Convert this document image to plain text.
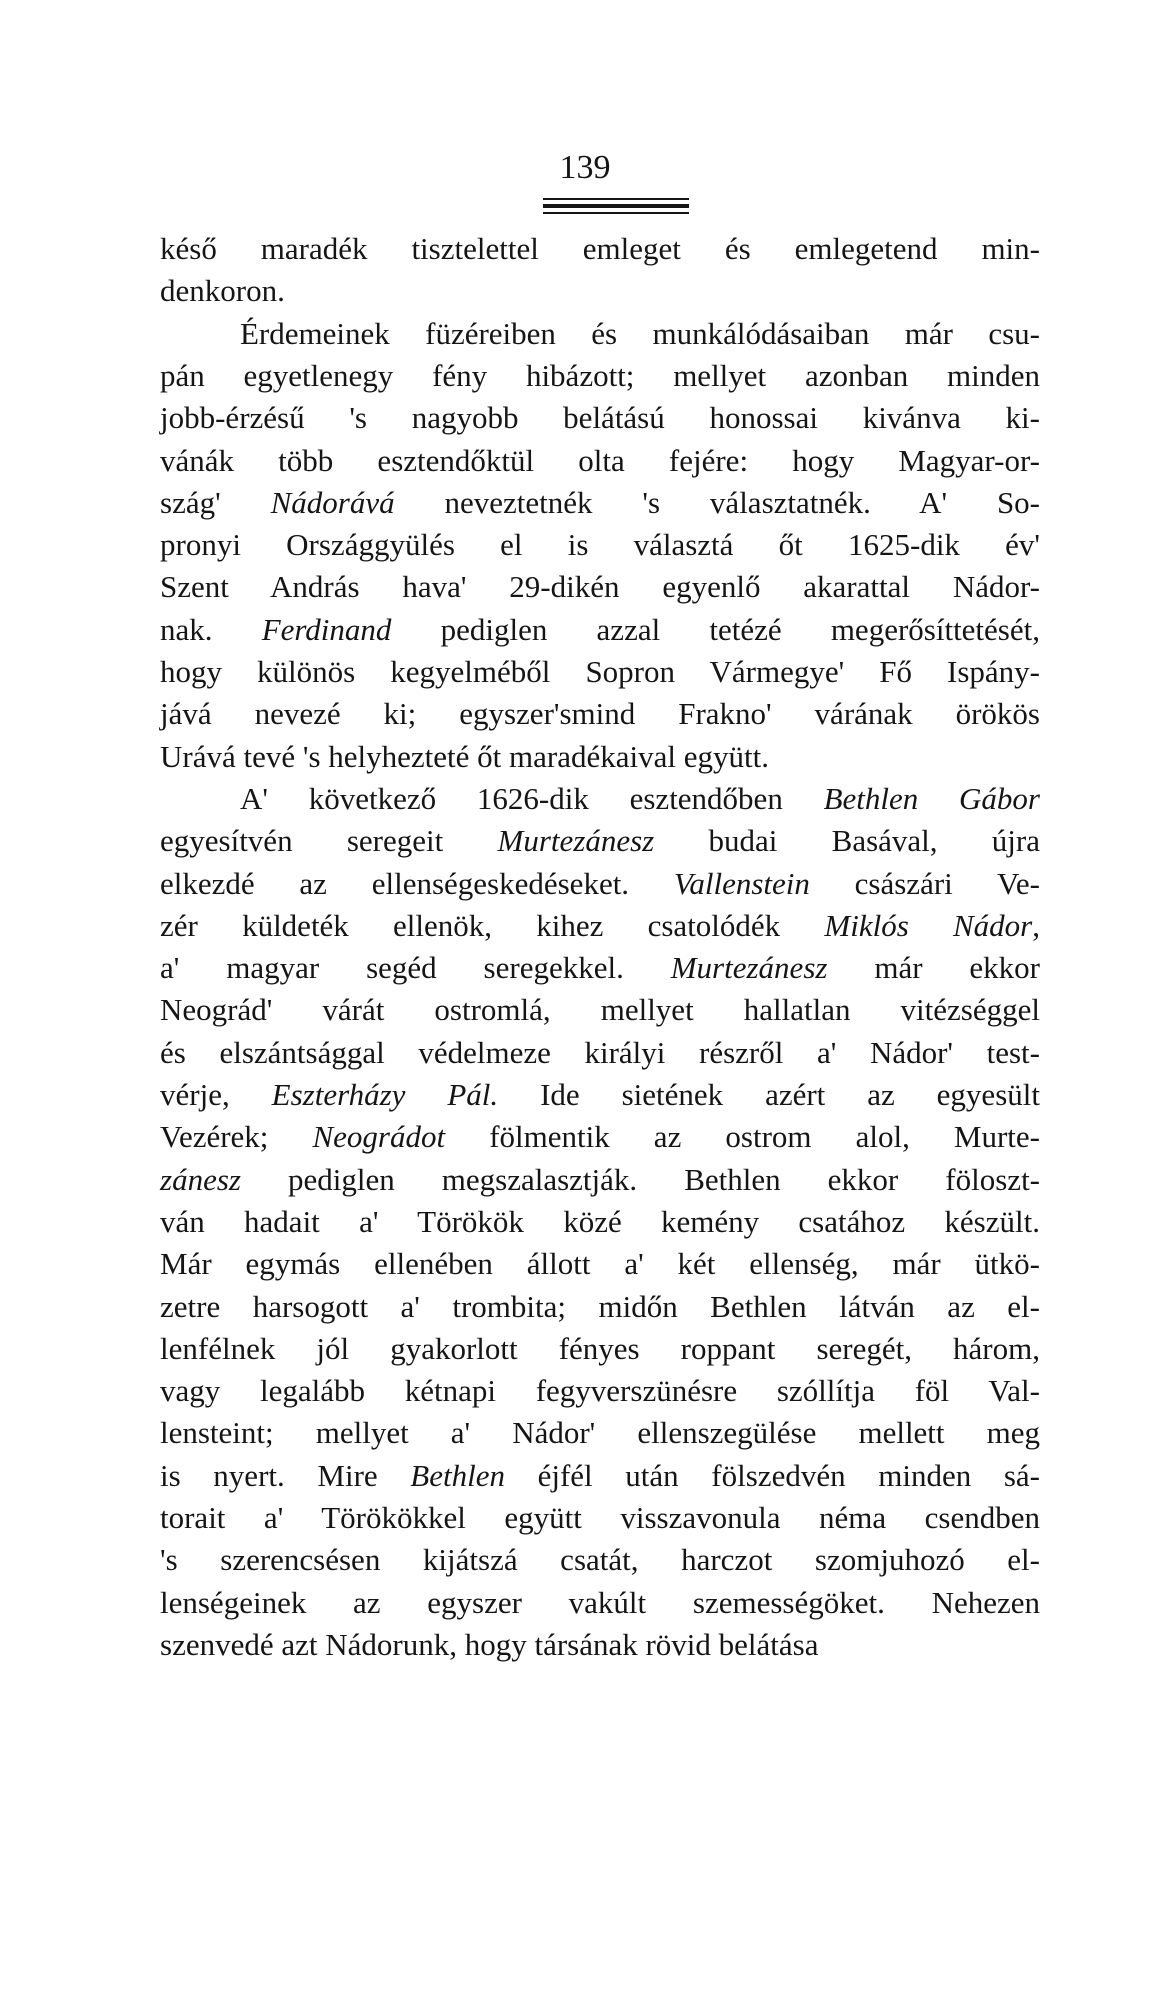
139
késő maradék tisztelettel emleget és emlegetend min-
denkoron.
Érdemeinek füzéreiben és munkálódásaiban már csu-
pán egyetlenegy fény hibázott; mellyet azonban minden
jobb-érzésű 's nagyobb belátású honossai kivánva ki-
vánák több esztendőktül olta fejére: hogy Magyar-or-
szág' Nádorává neveztetnék 's választatnék. A' So-
pronyi Országgyülés el is választá őt 1625-dik év'
Szent András hava' 29-dikén egyenlő akarattal Nádor-
nak. Ferdinand pediglen azzal tetézé megerősíttetését,
hogy különös kegyelméből Sopron Vármegye' Fő Ispány-
jává nevezé ki; egyszer'smind Frakno' várának örökös
Urává tevé 's helyhezteté őt maradékaival együtt.
A' következő 1626-dik esztendőben Bethlen Gábor
egyesítvén seregeit Murtezánesz budai Basával, újra
elkezdé az ellenségeskedéseket. Vallenstein császári Ve-
zér küldeték ellenök, kihez csatolódék Miklós Nádor,
a' magyar segéd seregekkel. Murtezánesz már ekkor
Neográd' várát ostromlá, mellyet hallatlan vitézséggel
és elszántsággal védelmeze királyi részről a' Nádor' test-
vérje, Eszterházy Pál. Ide sietének azért az egyesült
Vezérek; Neográdot fölmentik az ostrom alol, Murte-
zánesz pediglen megszalasztják. Bethlen ekkor föloszt-
ván hadait a' Törökök közé kemény csatához készült.
Már egymás ellenében állott a' két ellenség, már ütkö-
zetre harsogott a' trombita; midőn Bethlen látván az el-
lenfélnek jól gyakorlott fényes roppant seregét, három,
vagy legalább kétnapi fegyverszünésre szóllítja föl Val-
lensteint; mellyet a' Nádor' ellenszegülése mellett meg
is nyert. Mire Bethlen éjfél után fölszedvén minden sá-
torait a' Törökökkel együtt visszavonula néma csendben
's szerencsésen kijátszá csatát, harczot szomjuhozó el-
lenségeinek az egyszer vakúlt szemességöket. Nehezen
szenvedé azt Nádorunk, hogy társának rövid belátása
